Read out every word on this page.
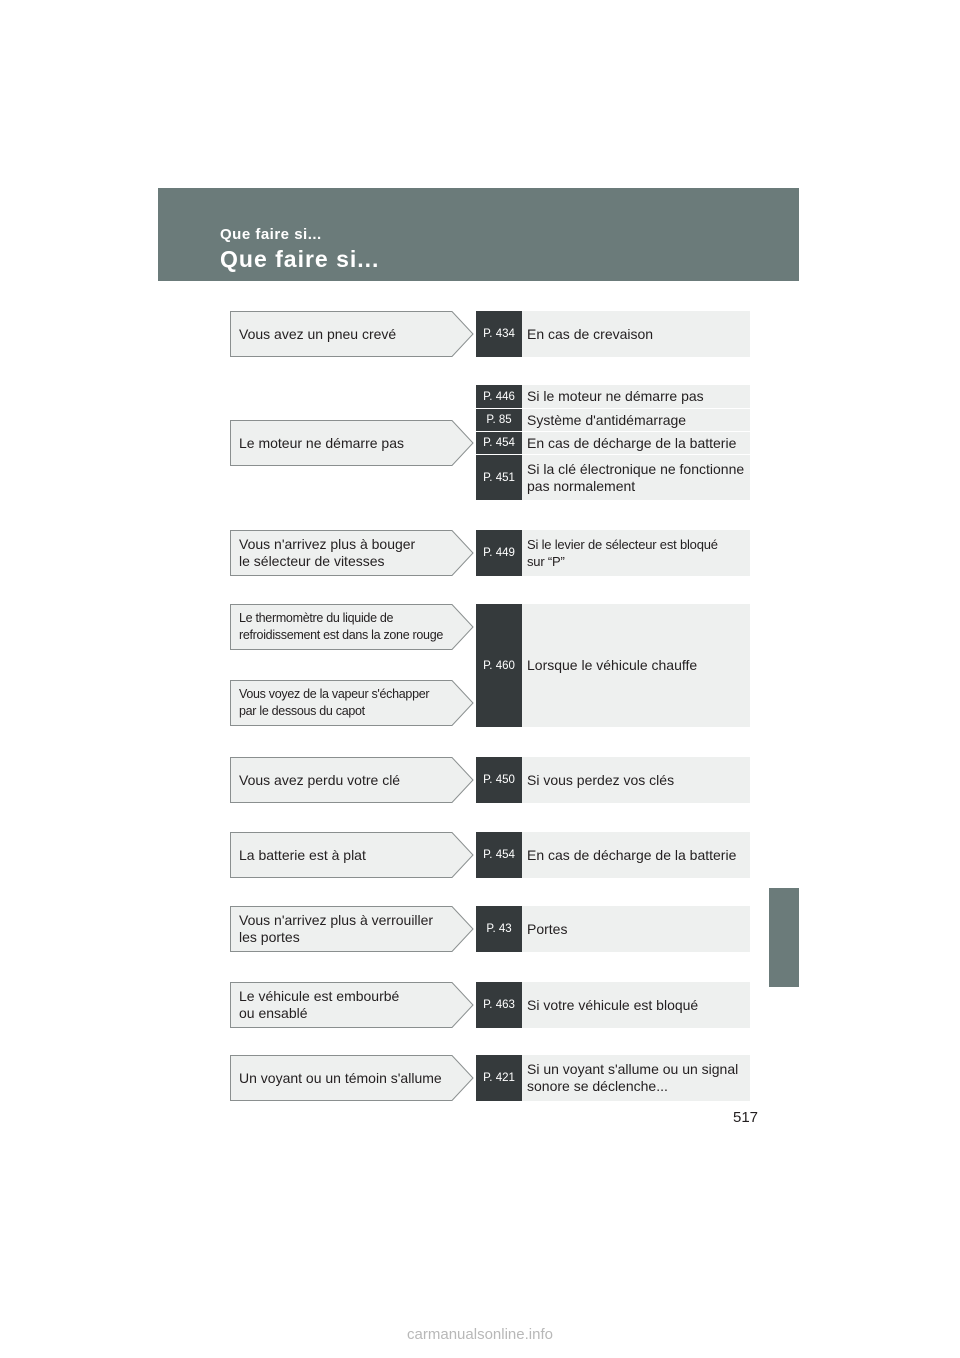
Que faire si...
Que faire si...
Vous avez un pneu crevé
Le moteur ne démarre pas
Vous n'arrivez plus à bouger
le sélecteur de vitesses
Le thermomètre du liquide de
refroidissement est dans la zone rouge
Vous voyez de la vapeur s'échapper
par le dessous du capot
Vous avez perdu votre clé
La batterie est à plat
Vous n'arrivez plus à verrouiller
les portes
Le véhicule est embourbé
ou ensablé
Un voyant ou un témoin s'allume
P. 434 En cas de crevaison
P. 446 Si le moteur ne démarre pas
P. 85	Système d'antidémarrage
P. 454 En cas de décharge de la batterie
P. 451
Si la clé électronique ne fonctionne
pas normalement
P. 449
Si le levier de sélecteur est bloqué
sur “P”
P. 460 Lorsque le véhicule chauffe
P. 450 Si vous perdez vos clés
P. 454 En cas de décharge de la batterie
P. 43	Portes
P. 463 Si votre véhicule est bloqué
P. 421
Si un voyant s'allume ou un signal
sonore se déclenche...
517
carmanualsonline.info
